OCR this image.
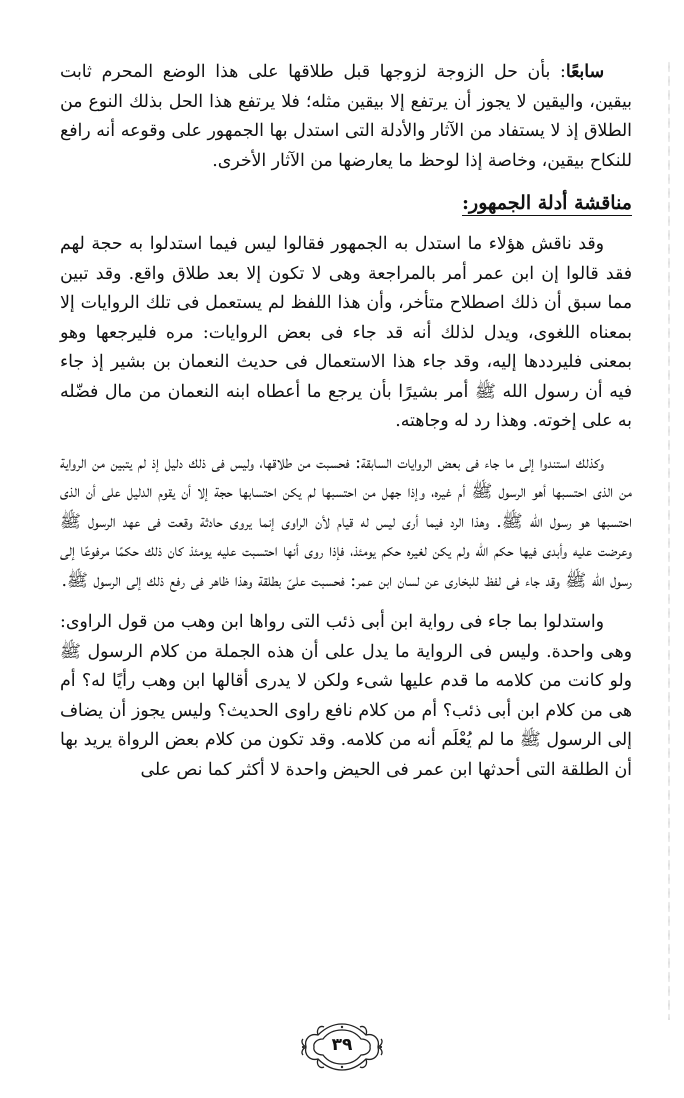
سابعًا: بأن حل الزوجة لزوجها قبل طلاقها على هذا الوضع المحرم ثابت بيقين، واليقين لا يجوز أن يرتفع إلا بيقين مثله؛ فلا يرتفع هذا الحل بذلك النوع من الطلاق إذ لا يستفاد من الآثار والأدلة التى استدل بها الجمهور على وقوعه أنه رافع للنكاح بيقين، وخاصة إذا لوحظ ما يعارضها من الآثار الأخرى.

مناقشة أدلة الجمهور:

وقد ناقش هؤلاء ما استدل به الجمهور فقالوا ليس فيما استدلوا به حجة لهم فقد قالوا إن ابن عمر أمر بالمراجعة وهى لا تكون إلا بعد طلاق واقع. وقد تبين مما سبق أن ذلك اصطلاح متأخر، وأن هذا اللفظ لم يستعمل فى تلك الروايات إلا بمعناه اللغوى، ويدل لذلك أنه قد جاء فى بعض الروايات: مره فليرجعها وهو بمعنى فليرددها إليه، وقد جاء هذا الاستعمال فى حديث النعمان بن بشير إذ جاء فيه أن رسول الله ﷺ أمر بشيرًا بأن يرجع ما أعطاه ابنه النعمان من مال فضّله به على إخوته. وهذا رد له وجاهته.

وكذلك استندوا إلى ما جاء فى بعض الروايات السابقة: فحسبت من طلاقها، وليس فى ذلك دليل إذ لم يتبين من الرواية من الذى احتسبها أهو الرسول ﷺ أم غيره، وإذا جهل من احتسبها لم يكن احتسابها حجة إلا أن يقوم الدليل على أن الذى احتسبها هو رسول الله ﷺ. وهذا الرد فيما أرى ليس له قيام لأن الراوى إنما يروى حادثة وقعت فى عهد الرسول ﷺ وعرضت عليه وأبدى فيها حكم الله ولم يكن لغيره حكم يومئذ، فإذا روى أنها احتسبت عليه يومئذ كان ذلك حكمًا مرفوعًا إلى رسول الله ﷺ وقد جاء فى لفظ للبخارى عن لسان ابن عمر: فحسبت علىّ بطلقة وهذا ظاهر فى رفع ذلك إلى الرسول ﷺ.

واستدلوا بما جاء فى رواية ابن أبى ذئب التى رواها ابن وهب من قول الراوى: وهى واحدة. وليس فى الرواية ما يدل على أن هذه الجملة من كلام الرسول ﷺ ولو كانت من كلامه ما قدم عليها شىء ولكن لا يدرى أقالها ابن وهب رأيًا له؟ أم هى من كلام ابن أبى ذئب؟ أم من كلام نافع راوى الحديث؟ وليس يجوز أن يضاف إلى الرسول ﷺ ما لم يُعْلَم أنه من كلامه. وقد تكون من كلام بعض الرواة يريد بها أن الطلقة التى أحدثها ابن عمر فى الحيض واحدة لا أكثر كما نص على

٣٩
